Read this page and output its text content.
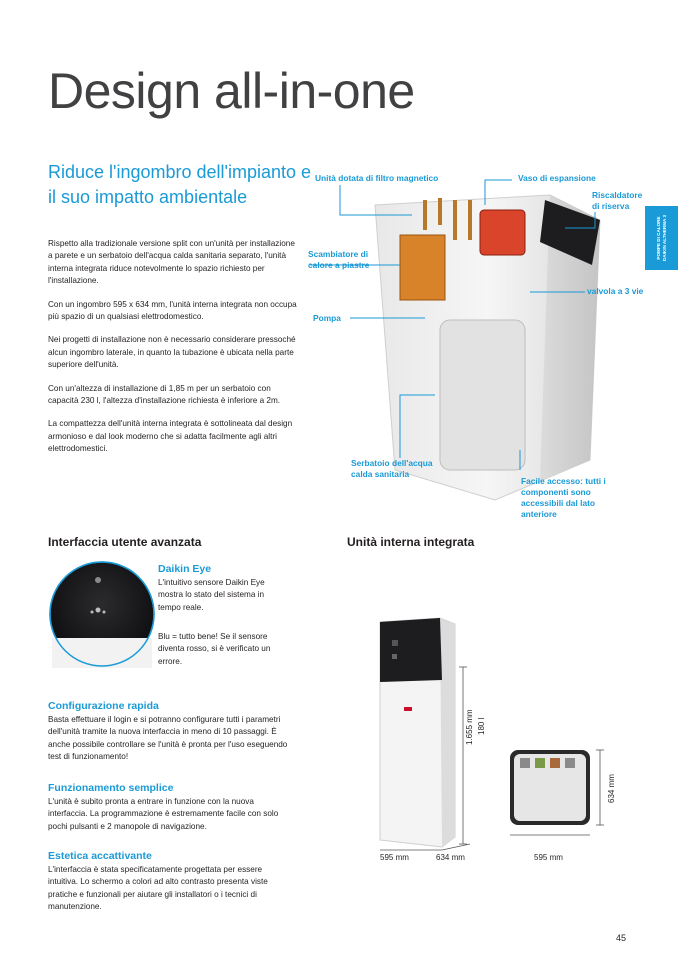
Design all-in-one
Riduce l'ingombro dell'impianto e il suo impatto ambientale
POMPE DI CALORE DAIKIN ALTHERMA 3

Rispetto alla tradizionale versione split con un'unità per installazione a parete e un serbatoio dell'acqua calda sanitaria separato, l'unità interna integrata riduce notevolmente lo spazio richiesto per l'installazione.

Con un ingombro 595 x 634 mm, l'unità interna integrata non occupa più spazio di un qualsiasi elettrodomestico.

Nei progetti di installazione non è necessario considerare pressoché alcun ingombro laterale, in quanto la tubazione è ubicata nella parte superiore dell'unità.

Con un'altezza di installazione di 1,85 m per un serbatoio con capacità 230 l, l'altezza d'installazione richiesta è inferiore a 2m.

La compattezza dell'unità interna integrata è sottolineata dal design armonioso e dal look moderno che si adatta facilmente agli altri elettrodomestici.

Unità dotata di filtro magnetico	Vaso di espansione
Riscaldatore di riserva
Scambiatore di calore a piastre
valvola a 3 vie
Pompa
Serbatoio dell'acqua calda sanitaria
Facile accesso: tutti i componenti sono accessibili dal lato anteriore
Interfaccia utente avanzata	Unità interna integrata
Daikin Eye
L'intuitivo sensore Daikin Eye mostra lo stato del sistema in tempo reale.
Blu = tutto bene! Se il sensore diventa rosso, si è verificato un errore.
Configurazione rapida
Basta effettuare il login e si potranno configurare tutti i parametri dell'unità tramite la nuova interfaccia in meno di 10 passaggi. È anche possibile controllare se l'unità è pronta per l'uso eseguendo test di funzionamento!
Funzionamento semplice
L'unità è subito pronta a entrare in funzione con la nuova interfaccia. La programmazione è estremamente facile con solo pochi pulsanti e 2 manopole di navigazione.
Estetica accattivante
L'interfaccia è stata specificatamente progettata per essere intuitiva. Lo schermo a colori ad alto contrasto presenta viste pratiche e funzionali per aiutare gli installatori o i tecnici di manutenzione.
1.655 mm 180 l
595 mm	634 mm
634 mm
595 mm
45
